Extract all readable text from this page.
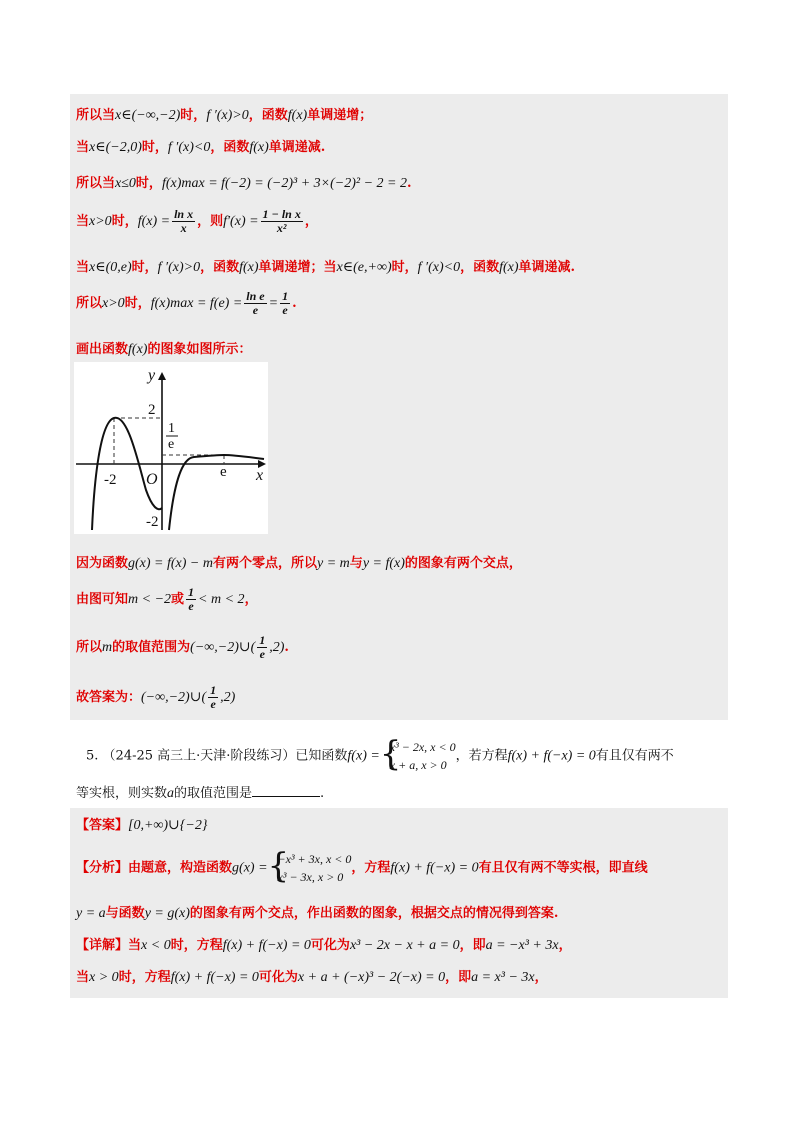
所以当x∈(−∞,−2)时，f ′(x)>0，函数f(x)单调递增；
当x∈(−2,0)时，f ′(x)<0，函数f(x)单调递减.
所以当x≤0时，f(x)max = f(−2) = (−2)³ + 3×(−2)² − 2 = 2.
当x>0时，$f(x) = \frac{\text{ln x}}{x}$ ，则$f'(x) = \frac{\text{1 − ln x}}{\text{x²}}$ ，
当x∈(0,e)时，f ′(x)>0，函数f(x)单调递增；当x∈(e,+∞)时，f ′(x)<0，函数f(x)单调递减.
所以x>0时，$f(x)\max = f(e) = \frac{\text{ln e}}{e} = \frac{1}{e}$ .
画出函数f(x)的图象如图所示：
y
x
O
2
-2
-2
1
e
e
因为函数g(x) = f(x) − m有两个零点，所以y = m与y = f(x)的图象有两个交点，
由图可知m < −2或 $\frac{1}{e} < m < 2$，
所以m的取值范围为(−∞,−2)∪( $\frac{1}{e} ,2$).
故答案为：(−∞,−2)∪( $\frac{1}{e} ,2$)
5. （24-25 高三上·天津·阶段练习）已知函数f(x) = {
x³ − 2x, x < 0
x + a, x > 0
，若方程f(x) + f(−x) = 0有且仅有两不
等实根，则实数a的取值范围是	.
【答案】[0,+∞)∪{−2}
【分析】由题意，构造函数g(x) = {
−x³ + 3x, x < 0
x³ − 3x, x > 0
，方程f(x) + f(−x) = 0有且仅有两不等实根，即直线
y = a与函数y = g(x)的图象有两个交点，作出函数的图象，根据交点的情况得到答案.
【详解】当x < 0时，方程f(x) + f(−x) = 0可化为x³ − 2x − x + a = 0，即a = −x³ + 3x，
当x > 0时，方程f(x) + f(−x) = 0可化为x + a + (−x)³ − 2(−x) = 0，即a = x³ − 3x，
